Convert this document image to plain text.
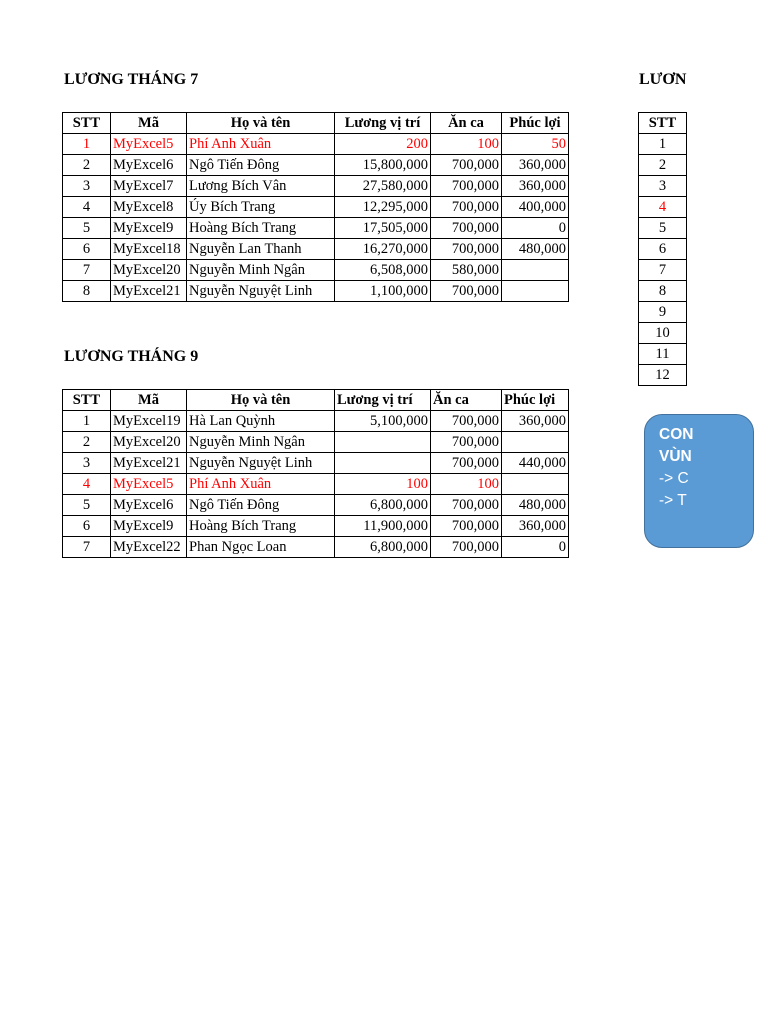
LƯƠNG THÁNG 7
STT	Mã	Họ và tên	Lương vị trí	Ăn ca	Phúc lợi
1	MyExcel5	Phí Anh Xuân	200	100	50
2	MyExcel6	Ngô Tiến Đông	15,800,000	700,000	360,000
3	MyExcel7	Lương Bích Vân	27,580,000	700,000	360,000
4	MyExcel8	Úy Bích Trang	12,295,000	700,000	400,000
5	MyExcel9	Hoàng Bích Trang	17,505,000	700,000	0
6	MyExcel18	Nguyễn Lan Thanh	16,270,000	700,000	480,000
7	MyExcel20	Nguyễn Minh Ngân	6,508,000	580,000	
8	MyExcel21	Nguyễn Nguyệt Linh	1,100,000	700,000	
LƯƠNG THÁNG 9
STT	Mã	Họ và tên	Lương vị trí	Ăn ca	Phúc lợi
1	MyExcel19	Hà Lan Quỳnh	5,100,000	700,000	360,000
2	MyExcel20	Nguyễn Minh Ngân		700,000	
3	MyExcel21	Nguyễn Nguyệt Linh		700,000	440,000
4	MyExcel5	Phí Anh Xuân	100	100	
5	MyExcel6	Ngô Tiến Đông	6,800,000	700,000	480,000
6	MyExcel9	Hoàng Bích Trang	11,900,000	700,000	360,000
7	MyExcel22	Phan Ngọc Loan	6,800,000	700,000	0
LƯƠN
STT
1
2
3
4
5
6
7
8
9
10
11
12
CON
VÙN
-> C
-> T
